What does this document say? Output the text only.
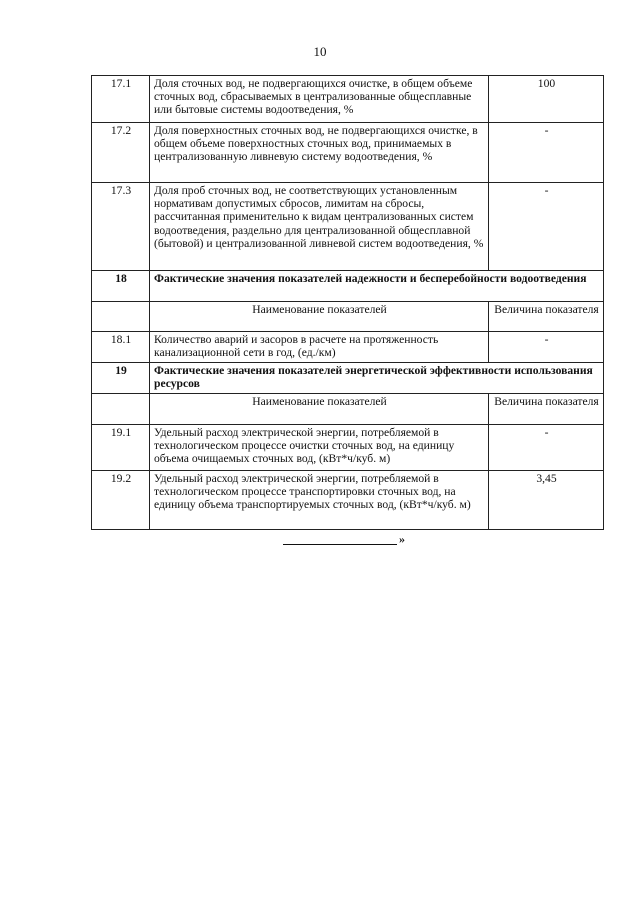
10
17.1	Доля сточных вод, не подвергающихся очистке, в общем объеме сточных вод, сбрасываемых в централизованные общесплавные или бытовые системы водоотведения, %	100
17.2	Доля поверхностных сточных вод, не подвергающихся очистке, в общем объеме поверхностных сточных вод, принимаемых в централизованную ливневую систему водоотведения, %	-
17.3	Доля проб сточных вод, не соответствующих установленным нормативам допустимых сбросов, лимитам на сбросы, рассчитанная применительно к видам централизованных систем водоотведения, раздельно для централизованной общесплавной (бытовой) и централизованной ливневой систем водоотведения, %	-
18	Фактические значения показателей надежности и бесперебойности водоотведения	
	Наименование показателей	Величина показателя
18.1	Количество аварий и засоров в расчете на протяженность канализационной сети в год, (ед./км)	-
19	Фактические значения показателей энергетической эффективности использования ресурсов	
	Наименование показателей	Величина показателя
19.1	Удельный расход электрической энергии, потребляемой в технологическом процессе очистки сточных вод, на единицу объема очищаемых сточных вод, (кВт*ч/куб. м)	-
19.2	Удельный расход электрической энергии, потребляемой в технологическом процессе транспортировки сточных вод, на единицу объема транспортируемых сточных вод, (кВт*ч/куб. м)	3,45
»
